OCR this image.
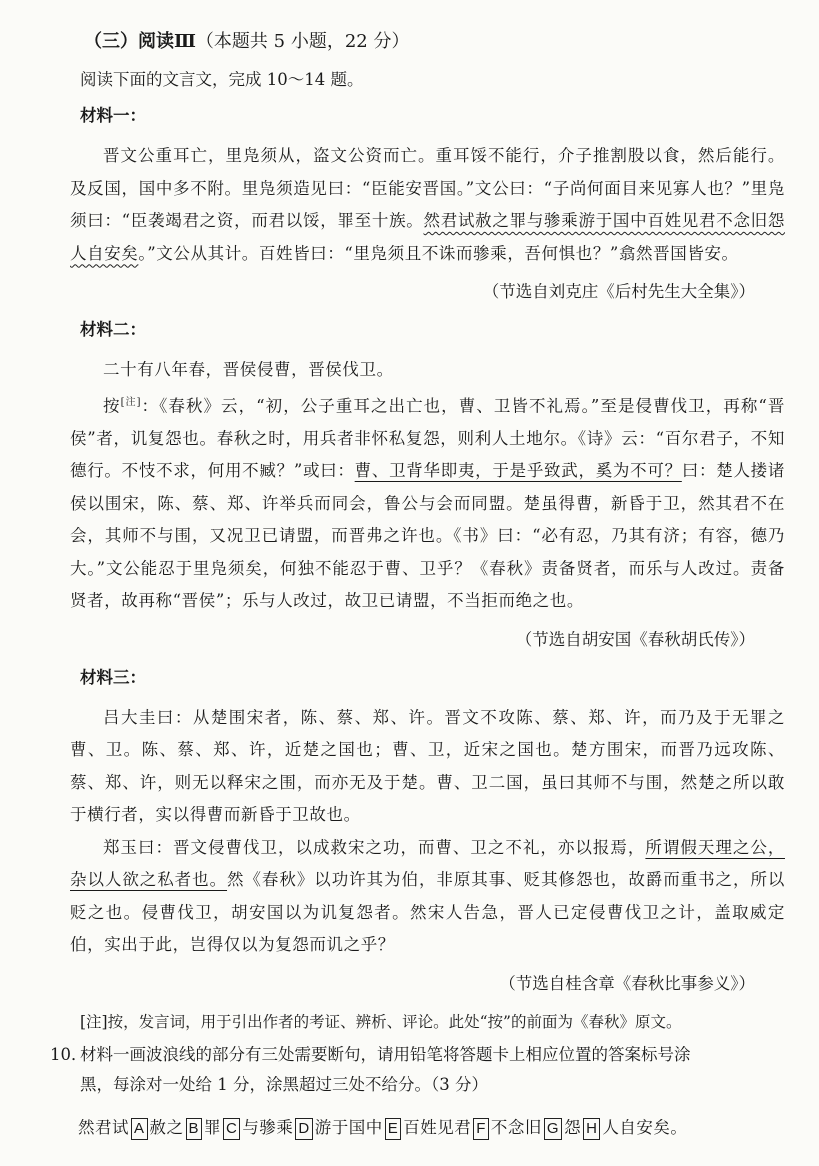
（三）阅读Ⅲ（本题共 5 小题，22 分）
阅读下面的文言文，完成 10～14 题。
材料一：
晋文公重耳亡，里凫须从，盗文公资而亡。重耳馁不能行，介子推割股以食，然后能行。及反国，国中多不附。里凫须造见曰：“臣能安晋国。”文公曰：“子尚何面目来见寡人也？”里凫须曰：“臣袭竭君之资，而君以馁，罪至十族。然君试赦之罪与骖乘游于国中百姓见君不念旧怨人自安矣。”文公从其计。百姓皆曰：“里凫须且不诛而骖乘，吾何惧也？”翕然晋国皆安。
（节选自刘克庄《后村先生大全集》）
材料二：
二十有八年春，晋侯侵曹，晋侯伐卫。
按[注]：《春秋》云，“初，公子重耳之出亡也，曹、卫皆不礼焉。”至是侵曹伐卫，再称“晋侯”者，讥复怨也。春秋之时，用兵者非怀私复怨，则利人土地尔。《诗》云：“百尔君子，不知德行。不忮不求，何用不臧？”或曰：曹、卫背华即夷，于是乎致武，奚为不可？曰：楚人搂诸侯以围宋，陈、蔡、郑、许举兵而同会，鲁公与会而同盟。楚虽得曹，新昏于卫，然其君不在会，其师不与围，又况卫已请盟，而晋弗之许也。《书》曰：“必有忍，乃其有济；有容，德乃大。”文公能忍于里凫须矣，何独不能忍于曹、卫乎？《春秋》责备贤者，而乐与人改过。责备贤者，故再称“晋侯”；乐与人改过，故卫已请盟，不当拒而绝之也。
（节选自胡安国《春秋胡氏传》）
材料三：
吕大圭曰：从楚围宋者，陈、蔡、郑、许。晋文不攻陈、蔡、郑、许，而乃及于无罪之曹、卫。陈、蔡、郑、许，近楚之国也；曹、卫，近宋之国也。楚方围宋，而晋乃远攻陈、蔡、郑、许，则无以释宋之围，而亦无及于楚。曹、卫二国，虽曰其师不与围，然楚之所以敢于横行者，实以得曹而新昏于卫故也。
郑玉曰：晋文侵曹伐卫，以成救宋之功，而曹、卫之不礼，亦以报焉，所谓假天理之公，杂以人欲之私者也。然《春秋》以功许其为伯，非原其事、贬其修怨也，故爵而重书之，所以贬之也。侵曹伐卫，胡安国以为讥复怨者。然宋人告急，晋人已定侵曹伐卫之计，盖取威定伯，实出于此，岂得仅以为复怨而讥之乎？
（节选自桂含章《春秋比事参义》）
[注]按，发言词，用于引出作者的考证、辨析、评论。此处“按”的前面为《春秋》原文。
10．材料一画波浪线的部分有三处需要断句，请用铅笔将答题卡上相应位置的答案标号涂
黑，每涂对一处给 1 分，涂黑超过三处不给分。（3 分）
然君试 A 赦之 B 罪 C 与骖乘 D 游于国中 E 百姓见君 F 不念旧 G 怨 H 人自安矣。
